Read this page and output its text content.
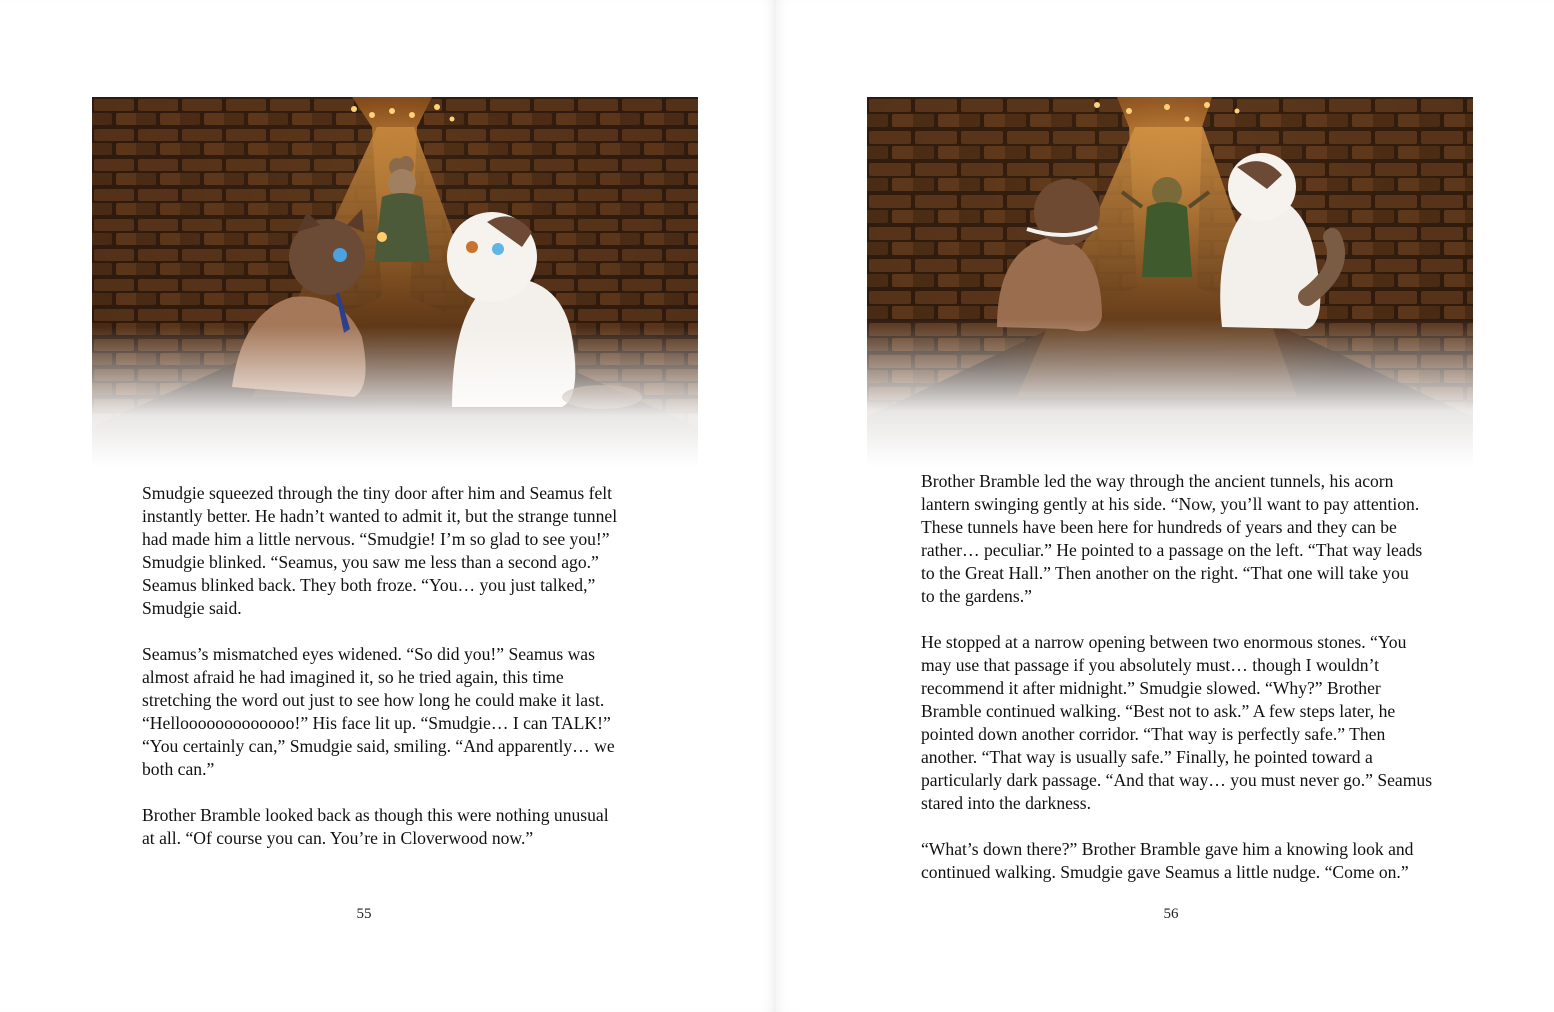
Smudgie squeezed through the tiny door after him and Seamus felt
instantly better. He hadn’t wanted to admit it, but the strange tunnel
had made him a little nervous. “Smudgie! I’m so glad to see you!”
Smudgie blinked. “Seamus, you saw me less than a second ago.”
Seamus blinked back. They both froze. “You… you just talked,”
Smudgie said.

Seamus’s mismatched eyes widened. “So did you!” Seamus was
almost afraid he had imagined it, so he tried again, this time
stretching the word out just to see how long he could make it last.
“Hellooooooooooooo!” His face lit up. “Smudgie… I can TALK!”
“You certainly can,” Smudgie said, smiling. “And apparently… we
both can.”

Brother Bramble looked back as though this were nothing unusual
at all. “Of course you can. You’re in Cloverwood now.”

55

Brother Bramble led the way through the ancient tunnels, his acorn
lantern swinging gently at his side. “Now, you’ll want to pay attention.
These tunnels have been here for hundreds of years and they can be
rather… peculiar.” He pointed to a passage on the left. “That way leads
to the Great Hall.” Then another on the right. “That one will take you
to the gardens.”

He stopped at a narrow opening between two enormous stones. “You
may use that passage if you absolutely must… though I wouldn’t
recommend it after midnight.” Smudgie slowed. “Why?” Brother
Bramble continued walking. “Best not to ask.” A few steps later, he
pointed down another corridor. “That way is perfectly safe.” Then
another. “That way is usually safe.” Finally, he pointed toward a
particularly dark passage. “And that way… you must never go.” Seamus
stared into the darkness.

“What’s down there?” Brother Bramble gave him a knowing look and
continued walking. Smudgie gave Seamus a little nudge. “Come on.”

56
